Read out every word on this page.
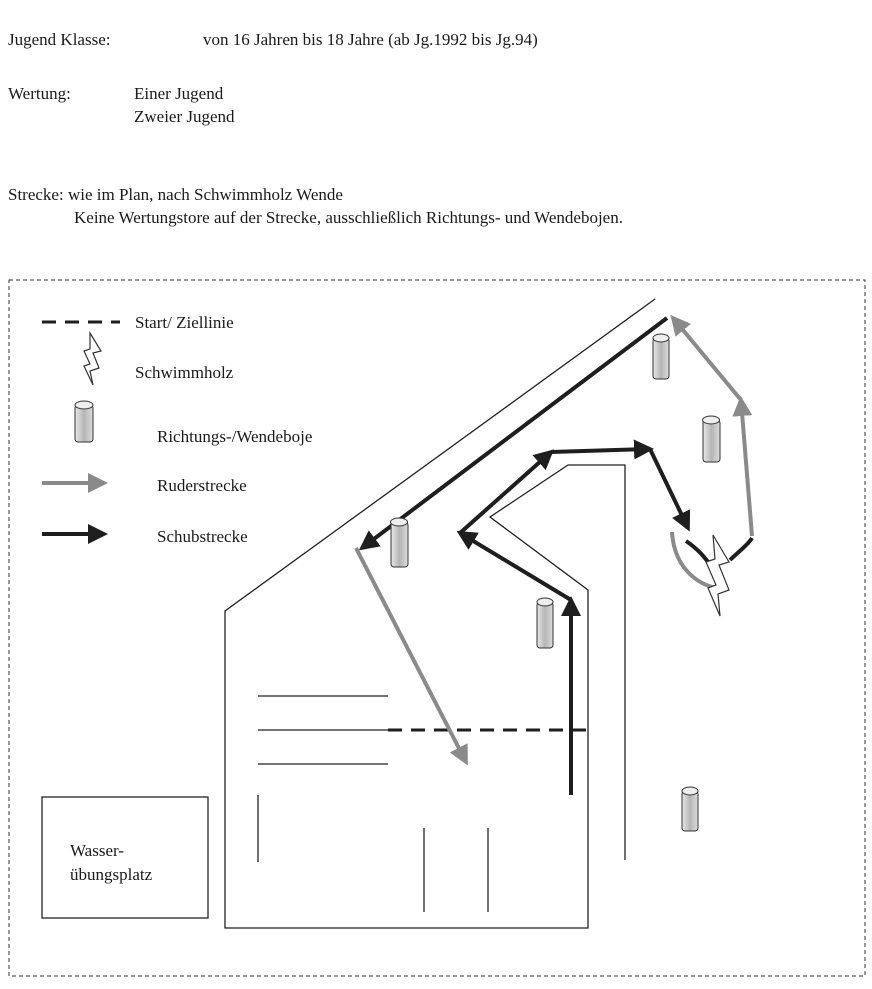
Jugend Klasse:	von 16 Jahren bis 18 Jahre (ab Jg.1992 bis Jg.94)
Wertung:	Einer Jugend
Zweier Jugend
Strecke: wie im Plan, nach Schwimmholz Wende
Keine Wertungstore auf der Strecke, ausschließlich Richtungs- und Wendebojen.
Start/ Ziellinie
Schwimmholz
Richtungs-/Wendeboje
Ruderstrecke
Schubstrecke
Wasser-
übungsplatz
